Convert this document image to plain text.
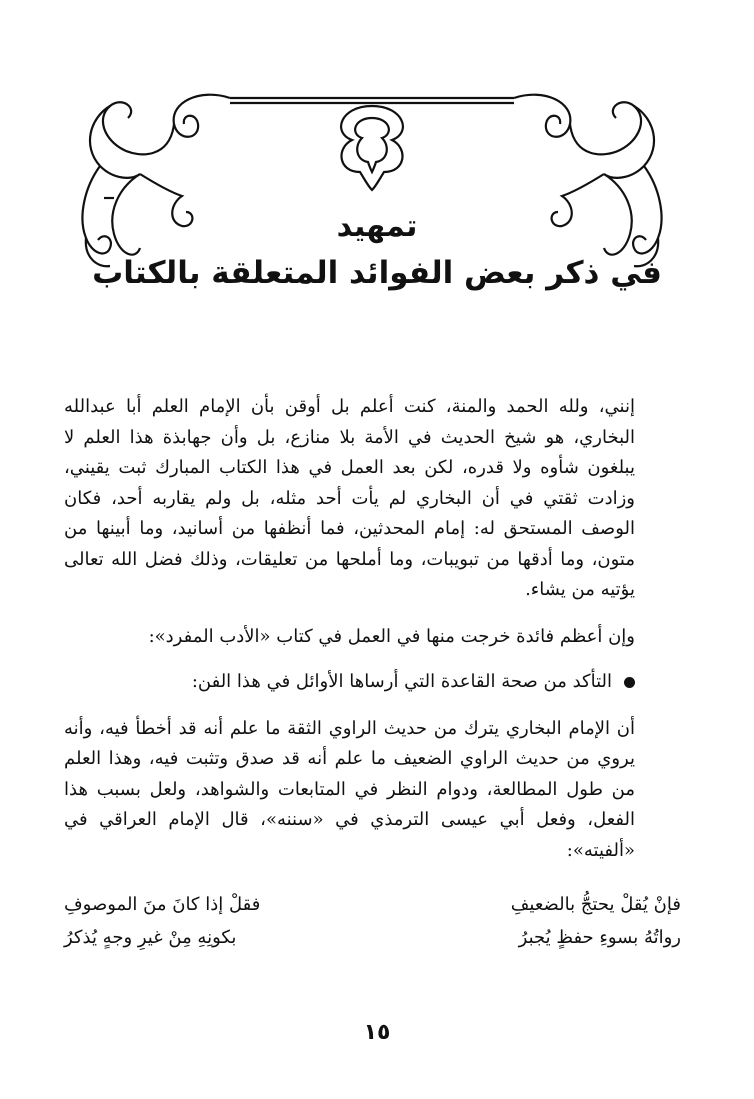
تمهيد
في ذكر بعض الفوائد المتعلقة بالكتاب

إنني، ولله الحمد والمنة، كنت أعلم بل أوقن بأن الإمام العلم أبا عبدالله البخاري، هو شيخ الحديث في الأمة بلا منازع، بل وأن جهابذة هذا العلم لا يبلغون شأوه ولا قدره، لكن بعد العمل في هذا الكتاب المبارك ثبت يقيني، وزادت ثقتي في أن البخاري لم يأت أحد مثله، بل ولم يقاربه أحد، فكان الوصف المستحق له: إمام المحدثين، فما أنظفها من أسانيد، وما أبينها من متون، وما أدقها من تبويبات، وما أملحها من تعليقات، وذلك فضل الله تعالى يؤتيه من يشاء.

وإن أعظم فائدة خرجت منها في العمل في كتاب «الأدب المفرد»:

التأكد من صحة القاعدة التي أرساها الأوائل في هذا الفن:

أن الإمام البخاري يترك من حديث الراوي الثقة ما علم أنه قد أخطأ فيه، وأنه يروي من حديث الراوي الضعيف ما علم أنه قد صدق وتثبت فيه، وهذا العلم من طول المطالعة، ودوام النظر في المتابعات والشواهد، ولعل بسبب هذا الفعل، وفعل أبي عيسى الترمذي في «سننه»، قال الإمام العراقي في «ألفيته»:

فإنْ يُقلْ يحتجُّ بالضعيفِ
فقلْ إذا كانَ منَ الموصوفِ
رواتُهُ بسوءِ حفظٍ يُجبرُ
بكونِهِ مِنْ غيرِ وجهٍ يُذكرُ
١٥
